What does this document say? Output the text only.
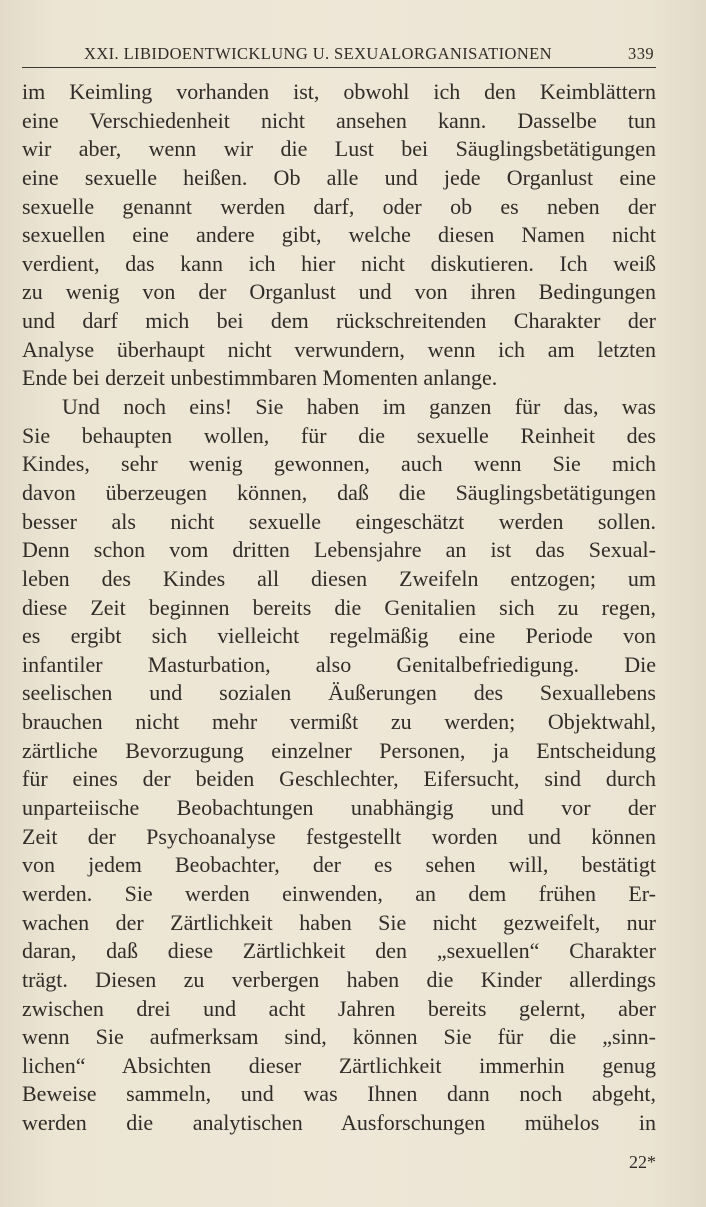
XXI. LIBIDOENTWICKLUNG U. SEXUALORGANISATIONEN	339
im Keimling vorhanden ist, obwohl ich den Keimblättern
eine Verschiedenheit nicht ansehen kann. Dasselbe tun
wir aber, wenn wir die Lust bei Säuglingsbetätigungen
eine sexuelle heißen. Ob alle und jede Organlust eine
sexuelle genannt werden darf, oder ob es neben der
sexuellen eine andere gibt, welche diesen Namen nicht
verdient, das kann ich hier nicht diskutieren. Ich weiß
zu wenig von der Organlust und von ihren Bedingungen
und darf mich bei dem rückschreitenden Charakter der
Analyse überhaupt nicht verwundern, wenn ich am letzten
Ende bei derzeit unbestimmbaren Momenten anlange.
Und noch eins! Sie haben im ganzen für das, was
Sie behaupten wollen, für die sexuelle Reinheit des
Kindes, sehr wenig gewonnen, auch wenn Sie mich
davon überzeugen können, daß die Säuglingsbetätigungen
besser als nicht sexuelle eingeschätzt werden sollen.
Denn schon vom dritten Lebensjahre an ist das Sexual-
leben des Kindes all diesen Zweifeln entzogen; um
diese Zeit beginnen bereits die Genitalien sich zu regen,
es ergibt sich vielleicht regelmäßig eine Periode von
infantiler Masturbation, also Genitalbefriedigung. Die
seelischen und sozialen Äußerungen des Sexuallebens
brauchen nicht mehr vermißt zu werden; Objektwahl,
zärtliche Bevorzugung einzelner Personen, ja Entscheidung
für eines der beiden Geschlechter, Eifersucht, sind durch
unparteiische Beobachtungen unabhängig und vor der
Zeit der Psychoanalyse festgestellt worden und können
von jedem Beobachter, der es sehen will, bestätigt
werden. Sie werden einwenden, an dem frühen Er-
wachen der Zärtlichkeit haben Sie nicht gezweifelt, nur
daran, daß diese Zärtlichkeit den „sexuellen“ Charakter
trägt. Diesen zu verbergen haben die Kinder allerdings
zwischen drei und acht Jahren bereits gelernt, aber
wenn Sie aufmerksam sind, können Sie für die „sinn-
lichen“ Absichten dieser Zärtlichkeit immerhin genug
Beweise sammeln, und was Ihnen dann noch abgeht,
werden die analytischen Ausforschungen mühelos in
22*
